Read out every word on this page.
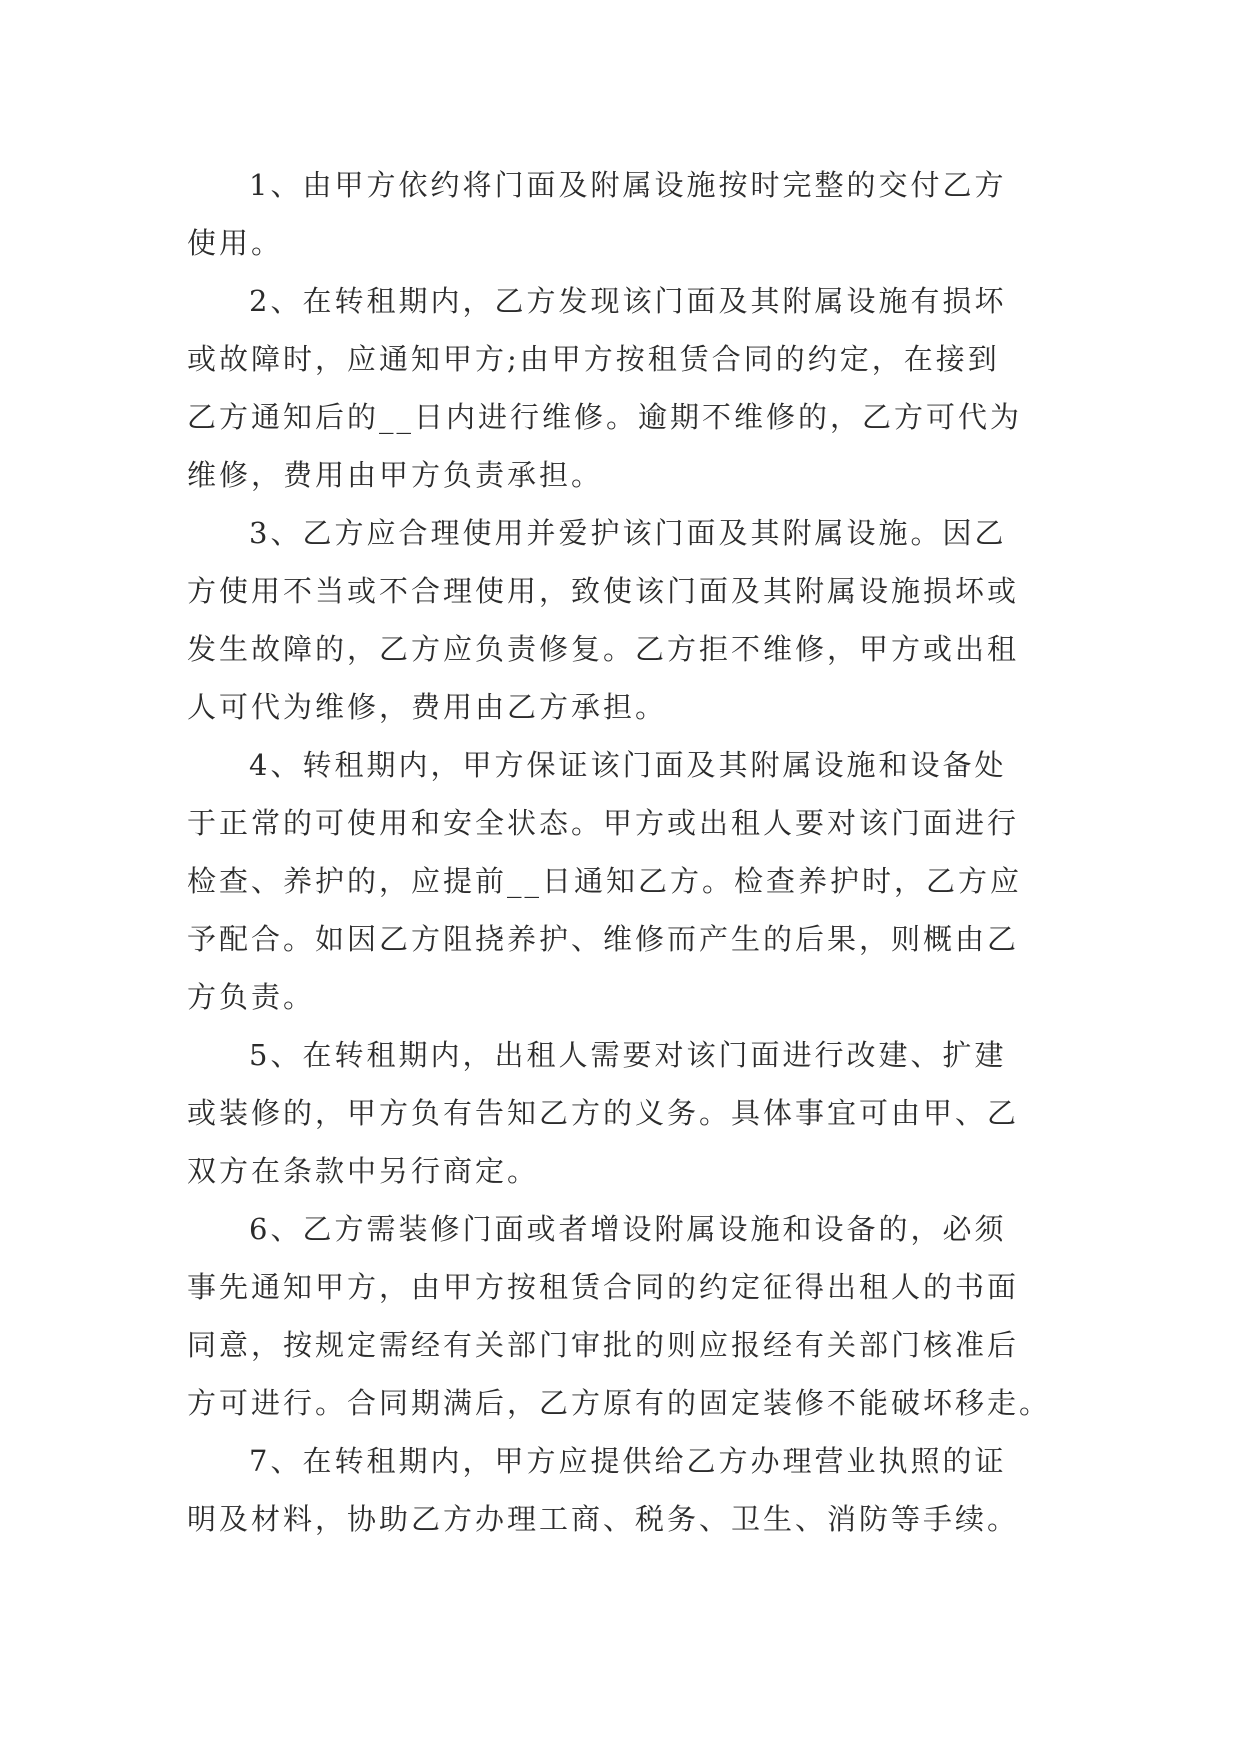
1、由甲方依约将门面及附属设施按时完整的交付乙方
使用。
2、在转租期内，乙方发现该门面及其附属设施有损坏
或故障时，应通知甲方;由甲方按租赁合同的约定，在接到
乙方通知后的__日内进行维修。逾期不维修的，乙方可代为
维修，费用由甲方负责承担。
3、乙方应合理使用并爱护该门面及其附属设施。因乙
方使用不当或不合理使用，致使该门面及其附属设施损坏或
发生故障的，乙方应负责修复。乙方拒不维修，甲方或出租
人可代为维修，费用由乙方承担。
4、转租期内，甲方保证该门面及其附属设施和设备处
于正常的可使用和安全状态。甲方或出租人要对该门面进行
检查、养护的，应提前__日通知乙方。检查养护时，乙方应
予配合。如因乙方阻挠养护、维修而产生的后果，则概由乙
方负责。
5、在转租期内，出租人需要对该门面进行改建、扩建
或装修的，甲方负有告知乙方的义务。具体事宜可由甲、乙
双方在条款中另行商定。
6、乙方需装修门面或者增设附属设施和设备的，必须
事先通知甲方，由甲方按租赁合同的约定征得出租人的书面
同意，按规定需经有关部门审批的则应报经有关部门核准后
方可进行。合同期满后，乙方原有的固定装修不能破坏移走。
7、在转租期内，甲方应提供给乙方办理营业执照的证
明及材料，协助乙方办理工商、税务、卫生、消防等手续。
